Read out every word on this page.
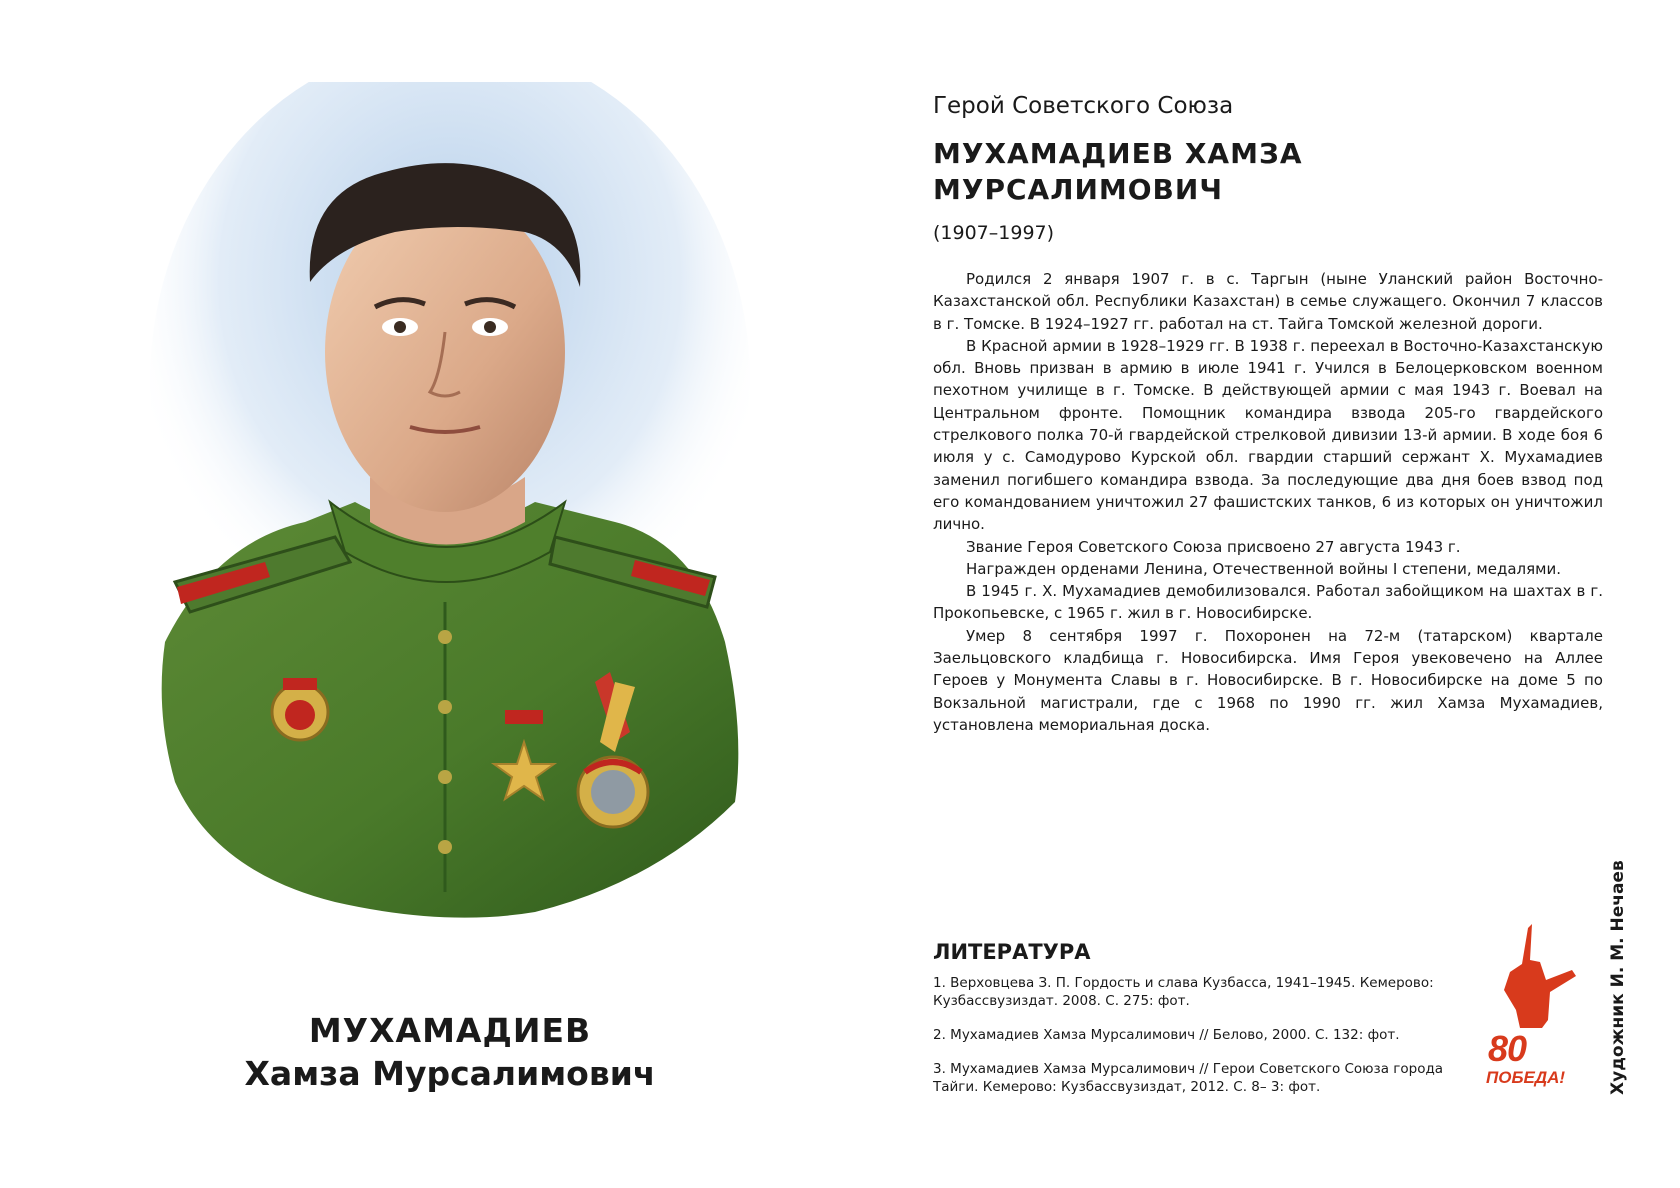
МУХАМАДИЕВ
Хамза Мурсалимович

Герой Советского Союза

МУХАМАДИЕВ ХАМЗА МУРСАЛИМОВИЧ

(1907–1997)

Родился 2 января 1907 г. в с. Таргын (ныне Уланский район Восточно-Казахстанской обл. Республики Казахстан) в семье служащего. Окончил 7 классов в г. Томске. В 1924–1927 гг. работал на ст. Тайга Томской железной дороги.

В Красной армии в 1928–1929 гг. В 1938 г. переехал в Восточно-Казахстанскую обл. Вновь призван в армию в июле 1941 г. Учился в Белоцерковском военном пехотном училище в г. Томске. В действующей армии с мая 1943 г. Воевал на Центральном фронте. Помощник командира взвода 205-го гвардейского стрелкового полка 70-й гвардейской стрелковой дивизии 13-й армии. В ходе боя 6 июля у с. Самодурово Курской обл. гвардии старший сержант Х. Мухамадиев заменил погибшего командира взвода. За последующие два дня боев взвод под его командованием уничтожил 27 фашистских танков, 6 из которых он уничтожил лично.

Звание Героя Советского Союза присвоено 27 августа 1943 г.

Награжден орденами Ленина, Отечественной войны I степени, медалями.

В 1945 г. Х. Мухамадиев демобилизовался. Работал забойщиком на шахтах в г. Прокопьевске, с 1965 г. жил в г. Новосибирске.

Умер 8 сентября 1997 г. Похоронен на 72-м (татарском) квартале Заельцовского кладбища г. Новосибирска. Имя Героя увековечено на Аллее Героев у Монумента Славы в г. Новосибирске. В г. Новосибирске на доме 5 по Вокзальной магистрали, где с 1968 по 1990 гг. жил Хамза Мухамадиев, установлена мемориальная доска.

ЛИТЕРАТУРА

1. Верховцева З. П. Гордость и слава Кузбасса, 1941–1945. Кемерово: Кузбассвузиздат. 2008. С. 275: фот.

2. Мухамадиев Хамза Мурсалимович // Белово, 2000. С. 132: фот.

3. Мухамадиев Хамза Мурсалимович // Герои Советского Союза города Тайги. Кемерово: Кузбассвузиздат, 2012. С. 8– 3: фот.

80
ПОБЕДА!	Художник И. М. Нечаев
